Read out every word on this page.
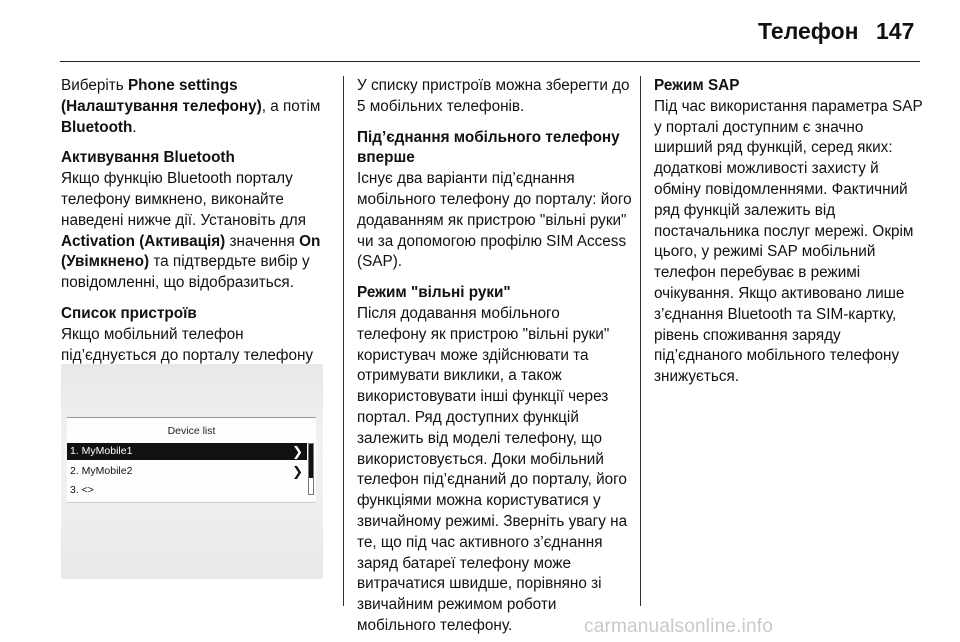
Телефон 147
Виберіть Phone settings (Налаштування телефону), а потім Bluetooth.
Активування Bluetooth
Якщо функцію Bluetooth порталу телефону вимкнено, виконайте наведені нижче дії. Установіть для Activation (Активація) значення On (Увімкнено) та підтвердьте вибір у повідомленні, що відобразиться.
Список пристроїв
Якщо мобільний телефон під’єднується до порталу телефону
Device list
1. MyMobile1	❯
2. MyMobile2	❯
3. <>
У списку пристроїв можна зберегти до 5 мобільних телефонів.
Під’єднання мобільного телефону вперше
Існує два варіанти під’єднання мобільного телефону до порталу: його додаванням як пристрою "вільні руки" чи за допомогою профілю SIM Access (SAP).
Режим "вільні руки"
Після додавання мобільного телефону як пристрою "вільні руки" користувач може здійснювати та отримувати виклики, а також використовувати інші функції через портал. Ряд доступних функцій залежить від моделі телефону, що використовується. Доки мобільний телефон під’єднаний до порталу, його функціями можна користуватися у звичайному режимі. Зверніть увагу на те, що під час активного з’єднання заряд батареї телефону може витрачатися швидше, порівняно зі звичайним режимом роботи мобільного телефону.
Режим SAP
Під час використання параметра SAP у порталі доступним є значно ширший ряд функцій, серед яких: додаткові можливості захисту й обміну повідомленнями. Фактичний ряд функцій залежить від постачальника послуг мережі. Окрім цього, у режимі SAP мобільний телефон перебуває в режимі очікування. Якщо активовано лише з’єднання Bluetooth та SIM-картку, рівень споживання заряду під’єднаного мобільного телефону знижується.
carmanualsonline.info
